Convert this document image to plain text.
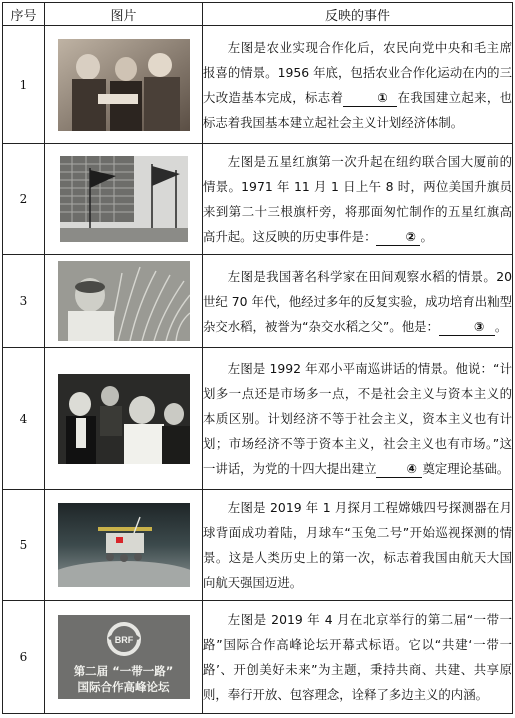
序号	图片	反映的事件
1		左图是农业实现合作化后，农民向党中央和毛主席报喜的情景。1956 年底，包括农业合作化运动在内的三大改造基本完成，标志着 ① 在我国建立起来，也标志着我国基本建立起社会主义计划经济体制。

2		左图是五星红旗第一次升起在纽约联合国大厦前的情景。1971 年 11 月 1 日上午 8 时，两位美国升旗员来到第二十三根旗杆旁，将那面匆忙制作的五星红旗高高升起。这反映的历史事件是： ② 。

3		左图是我国著名科学家在田间观察水稻的情景。20 世纪 70 年代，他经过多年的反复实验，成功培育出籼型杂交水稻，被誉为“杂交水稻之父”。他是： ③ 。

4		左图是 1992 年邓小平南巡讲话的情景。他说：“计划多一点还是市场多一点，不是社会主义与资本主义的本质区别。计划经济不等于社会主义，资本主义也有计划；市场经济不等于资本主义，社会主义也有市场。”这一讲话，为党的十四大提出建立 ④ 奠定理论基础。

5		左图是 2019 年 1 月探月工程嫦娥四号探测器在月球背面成功着陆，月球车“玉兔二号”开始巡视探测的情景。这是人类历史上的第一次，标志着我国由航天大国向航天强国迈进。

6	BRF
第二届 “一带一路”
国际合作高峰论坛	左图是 2019 年 4 月在北京举行的第二届“一带一路”国际合作高峰论坛开幕式标语。它以“共建‘一带一路’、开创美好未来”为主题，秉持共商、共建、共享原则，奉行开放、包容理念，诠释了多边主义的内涵。
